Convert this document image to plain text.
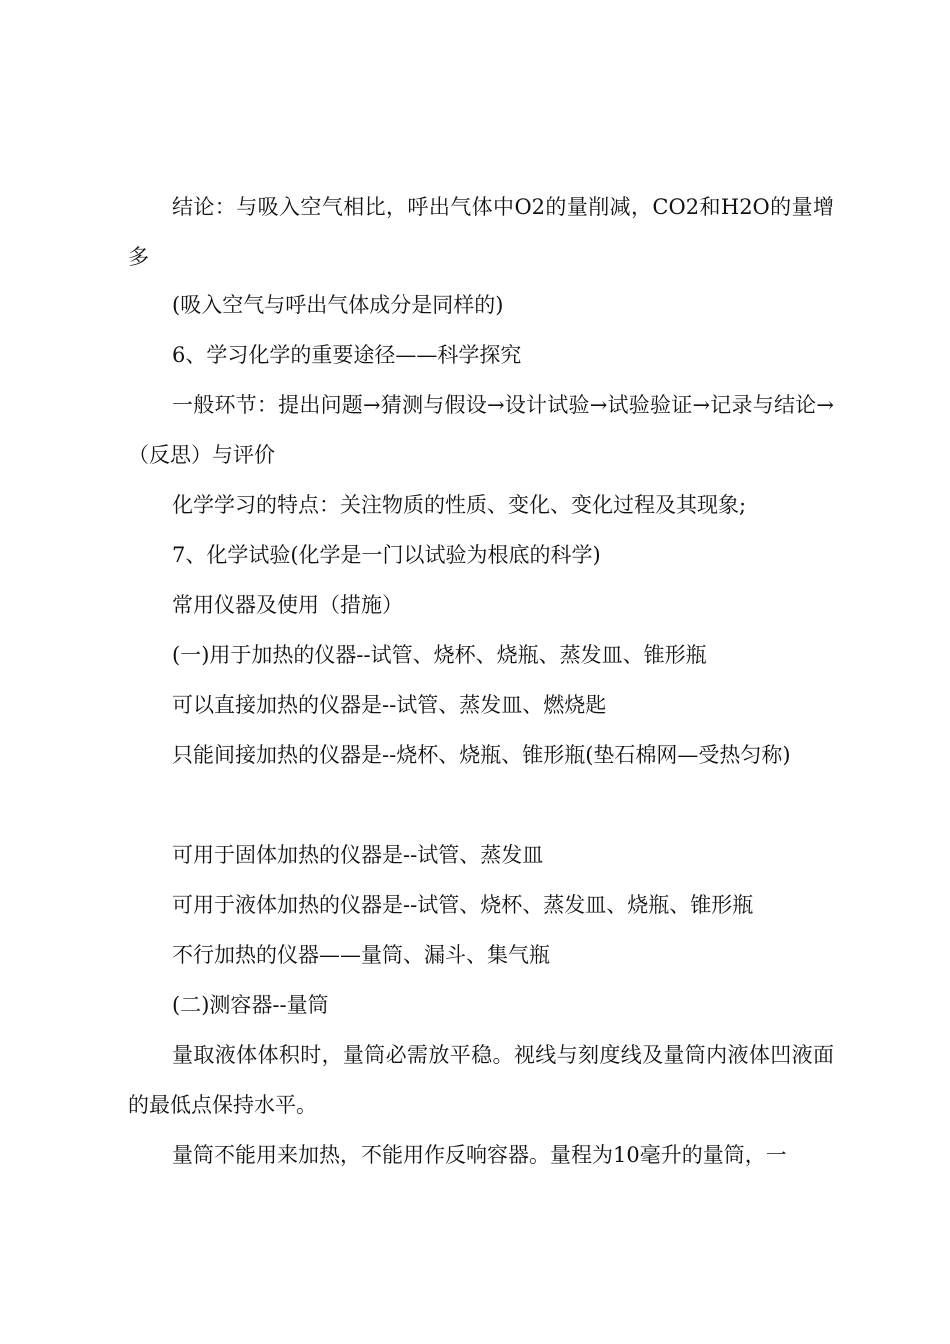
结论：与吸入空气相比，呼出气体中O2的量削减，CO2和H2O的量增多

(吸入空气与呼出气体成分是同样的)

6、学习化学的重要途径——科学探究

一般环节：提出问题→猜测与假设→设计试验→试验验证→记录与结论→（反思）与评价

化学学习的特点：关注物质的性质、变化、变化过程及其现象;

7、化学试验(化学是一门以试验为根底的科学)

常用仪器及使用（措施）

(一)用于加热的仪器--试管、烧杯、烧瓶、蒸发皿、锥形瓶

可以直接加热的仪器是--试管、蒸发皿、燃烧匙

只能间接加热的仪器是--烧杯、烧瓶、锥形瓶(垫石棉网—受热匀称)

可用于固体加热的仪器是--试管、蒸发皿

可用于液体加热的仪器是--试管、烧杯、蒸发皿、烧瓶、锥形瓶

不行加热的仪器——量筒、漏斗、集气瓶

(二)测容器--量筒

量取液体体积时，量筒必需放平稳。视线与刻度线及量筒内液体凹液面的最低点保持水平。

量筒不能用来加热，不能用作反响容器。量程为10毫升的量筒，一
